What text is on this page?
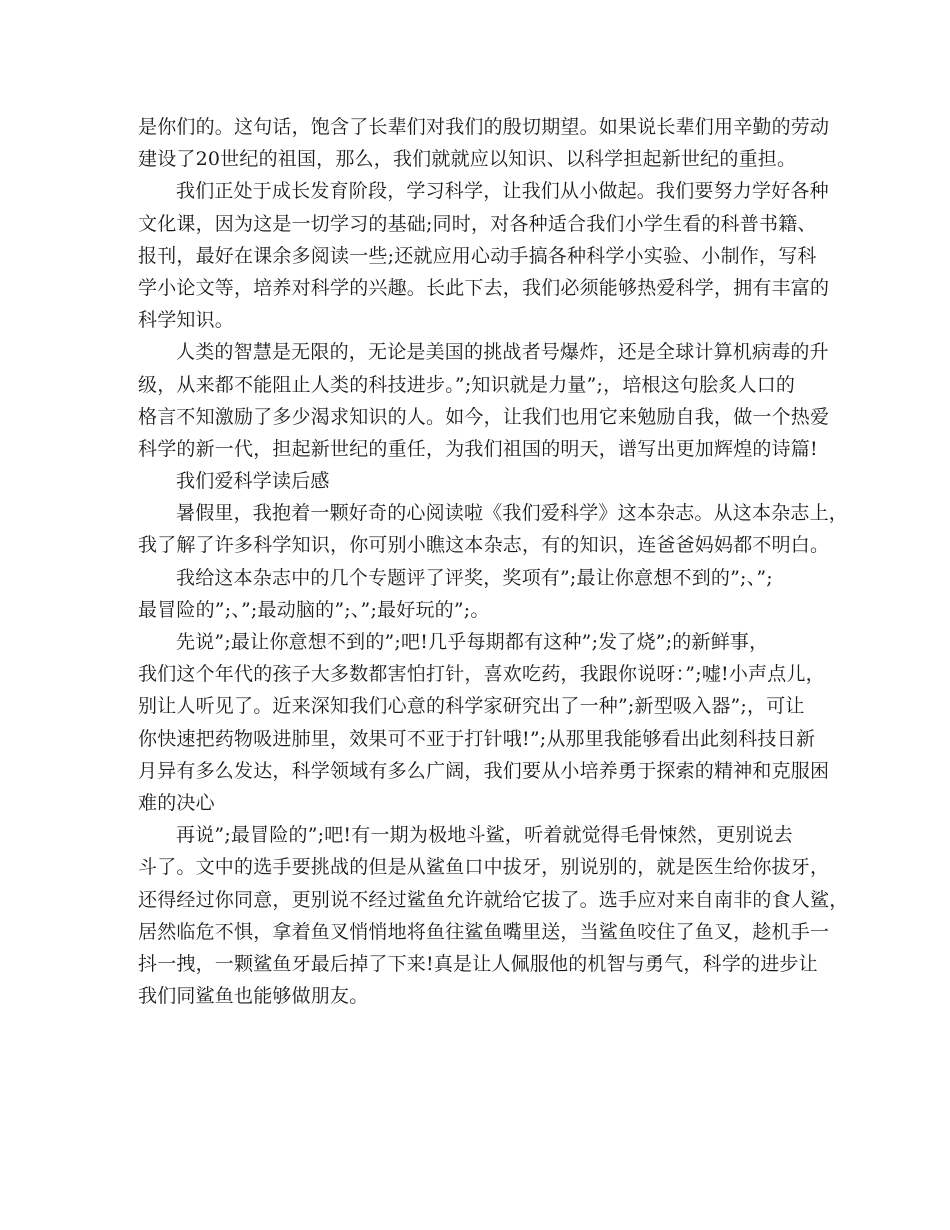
是你们的。这句话，饱含了长辈们对我们的殷切期望。如果说长辈们用辛勤的劳动
建设了20世纪的祖国，那么，我们就就应以知识、以科学担起新世纪的重担。
我们正处于成长发育阶段，学习科学，让我们从小做起。我们要努力学好各种
文化课，因为这是一切学习的基础;同时，对各种适合我们小学生看的科普书籍、
报刊，最好在课余多阅读一些;还就应用心动手搞各种科学小实验、小制作，写科
学小论文等，培养对科学的兴趣。长此下去，我们必须能够热爱科学，拥有丰富的
科学知识。
人类的智慧是无限的，无论是美国的挑战者号爆炸，还是全球计算机病毒的升
级，从来都不能阻止人类的科技进步。”;知识就是力量”;，培根这句脍炙人口的
格言不知激励了多少渴求知识的人。如今，让我们也用它来勉励自我，做一个热爱
科学的新一代，担起新世纪的重任，为我们祖国的明天，谱写出更加辉煌的诗篇!
我们爱科学读后感
暑假里，我抱着一颗好奇的心阅读啦《我们爱科学》这本杂志。从这本杂志上，
我了解了许多科学知识，你可别小瞧这本杂志，有的知识，连爸爸妈妈都不明白。
我给这本杂志中的几个专题评了评奖，奖项有”;最让你意想不到的”;、”;
最冒险的”;、”;最动脑的”;、”;最好玩的”;。
先说”;最让你意想不到的”;吧!几乎每期都有这种”;发了烧”;的新鲜事，
我们这个年代的孩子大多数都害怕打针，喜欢吃药，我跟你说呀：”;嘘!小声点儿，
别让人听见了。近来深知我们心意的科学家研究出了一种”;新型吸入器”;，可让
你快速把药物吸进肺里，效果可不亚于打针哦!”;从那里我能够看出此刻科技日新
月异有多么发达，科学领域有多么广阔，我们要从小培养勇于探索的精神和克服困
难的决心
再说”;最冒险的”;吧!有一期为极地斗鲨，听着就觉得毛骨悚然，更别说去
斗了。文中的选手要挑战的但是从鲨鱼口中拔牙，别说别的，就是医生给你拔牙，
还得经过你同意，更别说不经过鲨鱼允许就给它拔了。选手应对来自南非的食人鲨，
居然临危不惧，拿着鱼叉悄悄地将鱼往鲨鱼嘴里送，当鲨鱼咬住了鱼叉，趁机手一
抖一拽，一颗鲨鱼牙最后掉了下来!真是让人佩服他的机智与勇气，科学的进步让
我们同鲨鱼也能够做朋友。
